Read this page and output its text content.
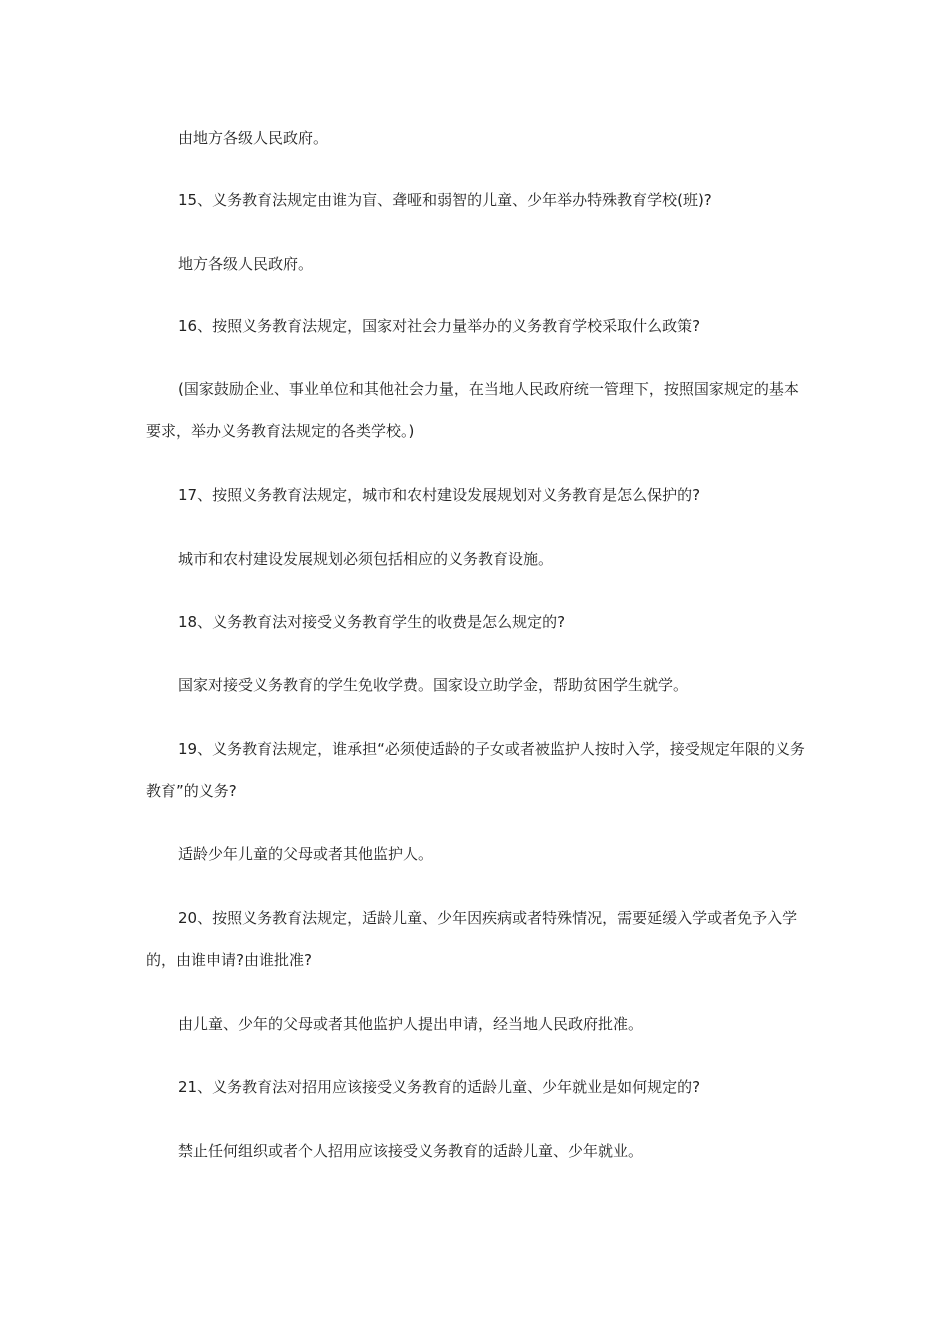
由地方各级人民政府。

15、义务教育法规定由谁为盲、聋哑和弱智的儿童、少年举办特殊教育学校(班)?

地方各级人民政府。

16、按照义务教育法规定，国家对社会力量举办的义务教育学校采取什么政策?

(国家鼓励企业、事业单位和其他社会力量，在当地人民政府统一管理下，按照国家规定的基本要求，举办义务教育法规定的各类学校。)

17、按照义务教育法规定，城市和农村建设发展规划对义务教育是怎么保护的?

城市和农村建设发展规划必须包括相应的义务教育设施。

18、义务教育法对接受义务教育学生的收费是怎么规定的?

国家对接受义务教育的学生免收学费。国家设立助学金，帮助贫困学生就学。

19、义务教育法规定，谁承担“必须使适龄的子女或者被监护人按时入学，接受规定年限的义务教育”的义务?

适龄少年儿童的父母或者其他监护人。

20、按照义务教育法规定，适龄儿童、少年因疾病或者特殊情况，需要延缓入学或者免予入学的，由谁申请?由谁批准?

由儿童、少年的父母或者其他监护人提出申请，经当地人民政府批准。

21、义务教育法对招用应该接受义务教育的适龄儿童、少年就业是如何规定的?

禁止任何组织或者个人招用应该接受义务教育的适龄儿童、少年就业。
